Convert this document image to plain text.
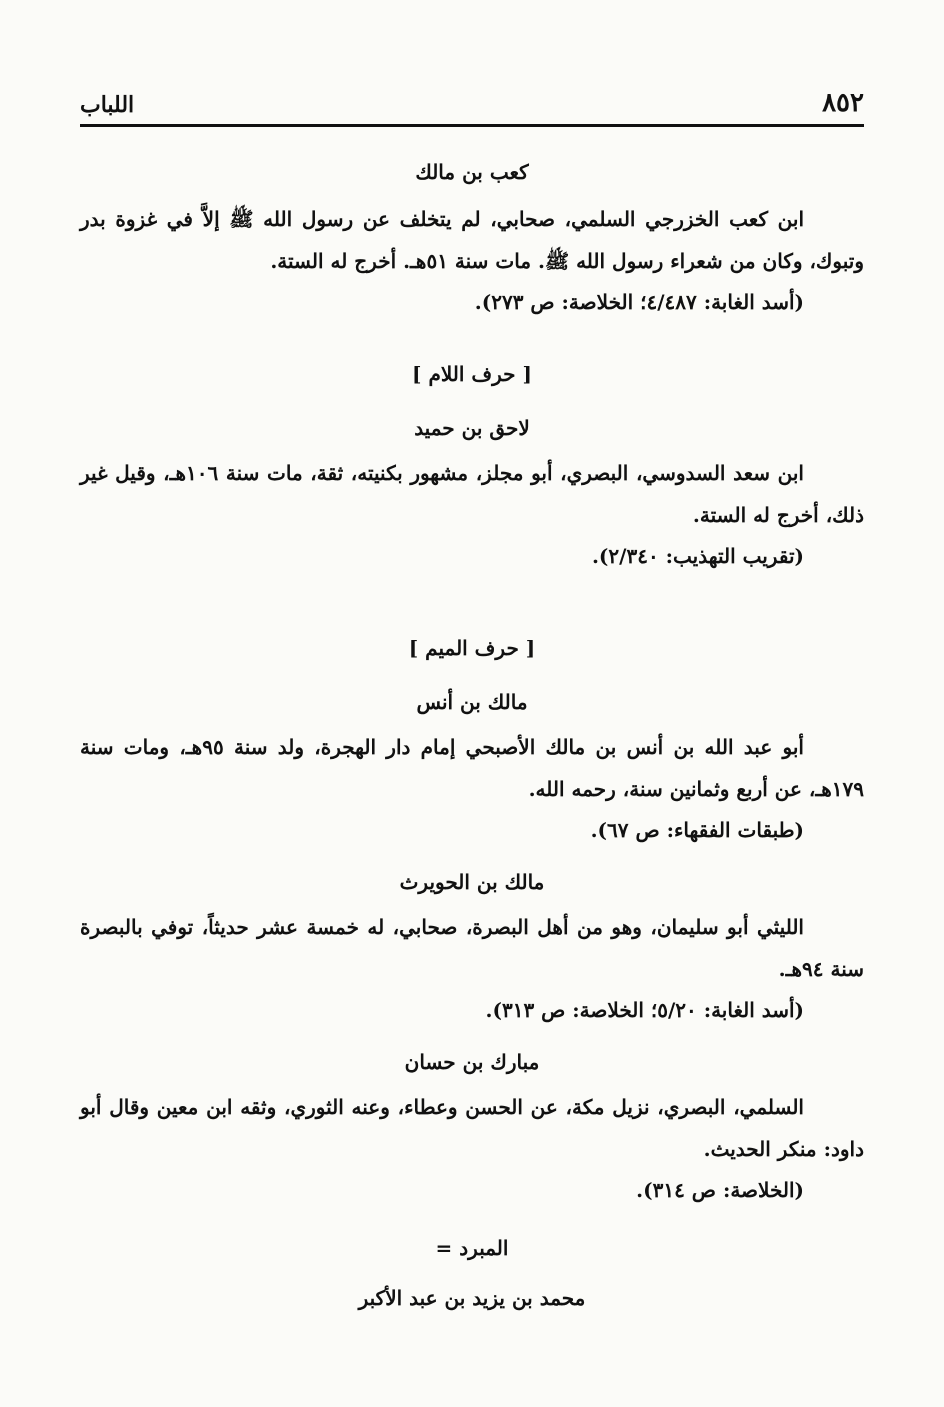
٨٥٢
اللباب
كعب بن مالك
ابن كعب الخزرجي السلمي، صحابي، لم يتخلف عن رسول الله ﷺ إلاَّ في غزوة بدر وتبوك، وكان من شعراء رسول الله ﷺ. مات سنة ٥١هـ. أخرج له الستة.
(أسد الغابة: ٤/٤٨٧؛ الخلاصة: ص ٢٧٣).
[ حرف اللام ]
لاحق بن حميد
ابن سعد السدوسي، البصري، أبو مجلز، مشهور بكنيته، ثقة، مات سنة ١٠٦هـ، وقيل غير ذلك، أخرج له الستة.
(تقريب التهذيب: ٢/٣٤٠).
[ حرف الميم ]
مالك بن أنس
أبو عبد الله بن أنس بن مالك الأصبحي إمام دار الهجرة، ولد سنة ٩٥هـ، ومات سنة ١٧٩هـ، عن أربع وثمانين سنة، رحمه الله.
(طبقات الفقهاء: ص ٦٧).
مالك بن الحويرث
الليثي أبو سليمان، وهو من أهل البصرة، صحابي، له خمسة عشر حديثاً، توفي بالبصرة سنة ٩٤هـ.
(أسد الغابة: ٥/٢٠؛ الخلاصة: ص ٣١٣).
مبارك بن حسان
السلمي، البصري، نزيل مكة، عن الحسن وعطاء، وعنه الثوري، وثقه ابن معين وقال أبو داود: منكر الحديث.
(الخلاصة: ص ٣١٤).
المبرد =
محمد بن يزيد بن عبد الأكبر
